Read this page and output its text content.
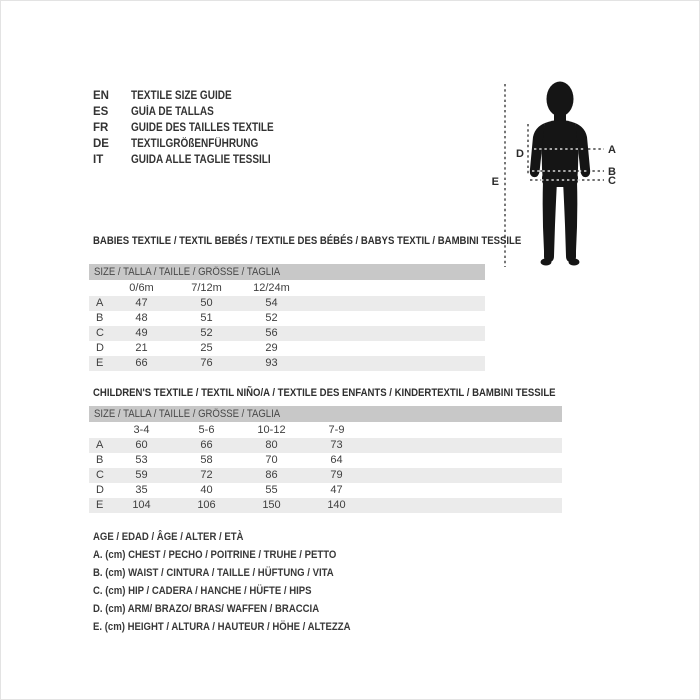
EN	TEXTILE SIZE GUIDE
ES	GUÍA DE TALLAS
FR	GUIDE DES TAILLES TEXTILE
DE	TEXTILGRÖßENFÜHRUNG
IT	GUIDA ALLE TAGLIE TESSILI
A
B
C
D
E
BABIES TEXTILE / TEXTIL BEBÉS / TEXTILE DES BÉBÉS / BABYS TEXTIL / BAMBINI TESSILE
SIZE / TALLA / TAILLE / GRÖSSE / TAGLIA
0/6m	7/12m	12/24m
A	47	50	54
B	48	51	52
C	49	52	56
D	21	25	29
E	66	76	93
CHILDREN'S TEXTILE / TEXTIL NIÑO/A / TEXTILE DES ENFANTS / KINDERTEXTIL / BAMBINI TESSILE
SIZE / TALLA / TAILLE / GRÖSSE / TAGLIA
3-4	5-6	10-12	7-9
A	60	66	80	73
B	53	58	70	64
C	59	72	86	79
D	35	40	55	47
E	104	106	150	140
AGE / EDAD / ÂGE / ALTER / ETÀ
A. (cm) CHEST / PECHO / POITRINE / TRUHE / PETTO
B. (cm) WAIST / CINTURA / TAILLE / HÜFTUNG / VITA
C. (cm) HIP / CADERA / HANCHE / HÜFTE / HIPS
D. (cm) ARM/ BRAZO/ BRAS/ WAFFEN / BRACCIA
E. (cm) HEIGHT / ALTURA / HAUTEUR / HÖHE / ALTEZZA
